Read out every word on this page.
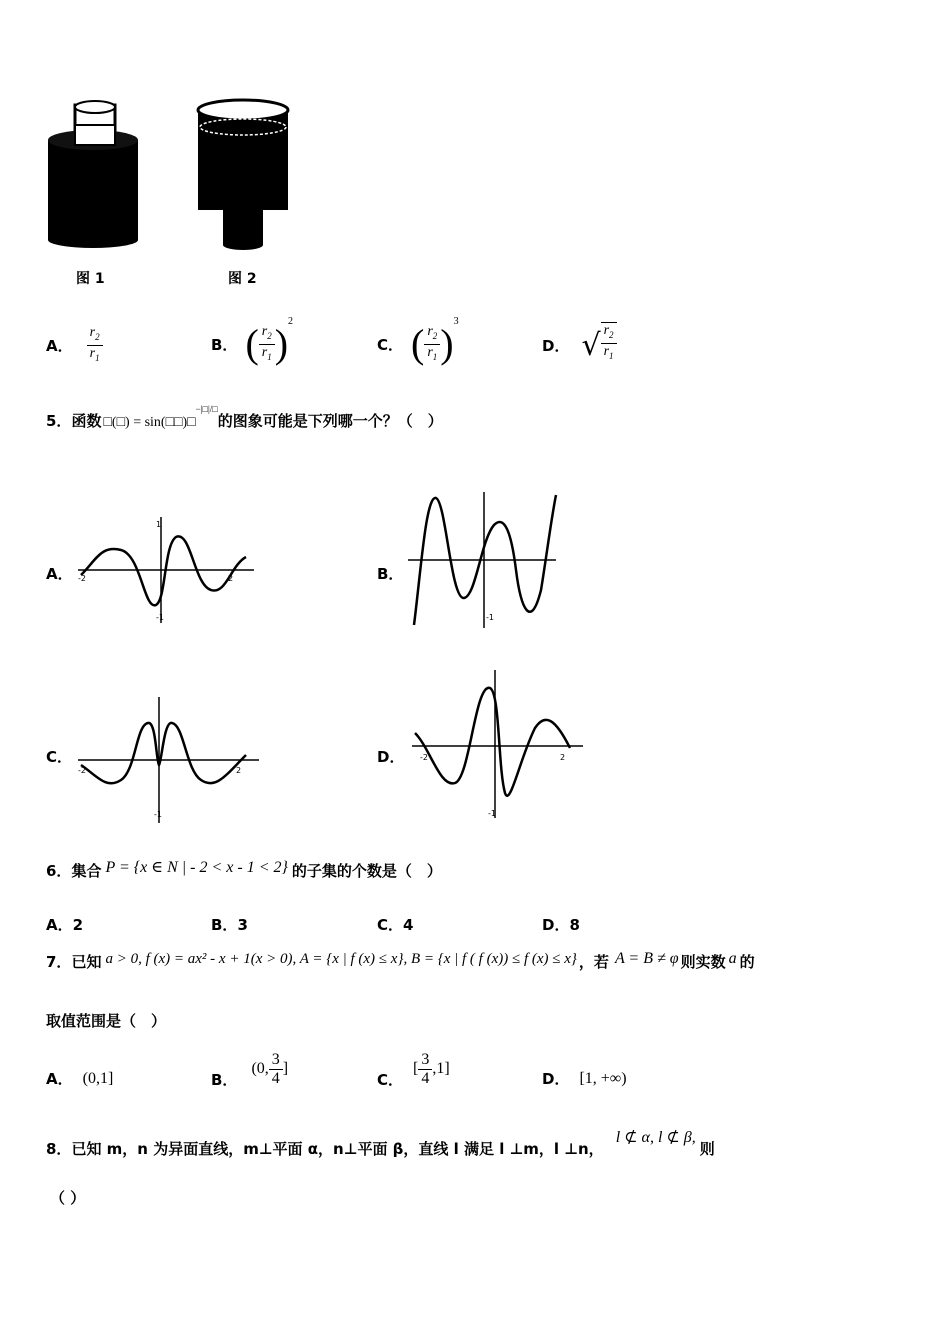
图 1	图 2
A． $\frac{r_2}{r_1}$	B． ( $\frac{r_2}{r_1}$ ) 2
C． ( $\frac{r_2}{r_1}$ ) 3
D． √ $\frac{r_2}{r_1}$
5． 函数 □(□) = sin(□□)□
−|□|/□
的图象可能是下列哪一个？（　）
A．
1
-1
-2	2	B．
-1
C．
-1
-2	2
D．
-1
-2	2
6． 集合 P = {x ∈ N | - 2 < x - 1 < 2} 的子集的个数是（　）
A．2	B．3	C．4	D．8
7． 已知 a > 0, f (x) = ax² - x + 1(x > 0), A = {x | f (x) ≤ x}, B = {x | f ( f (x)) ≤ f (x) ≤ x} ，若 A = B ≠ φ 则实数 a 的
取值范围是（　）
A． (0,1]	B．
(0, $\frac{3}{4}$ ]
C．
[ $\frac{3}{4} ,1$]
D． [1, +∞)
8． 已知 m，n 为异面直线，m⊥平面 α，n⊥平面 β，直线 l 满足 l ⊥m，l ⊥n，
l ⊄ α, l ⊄ β,
则
（ ）
